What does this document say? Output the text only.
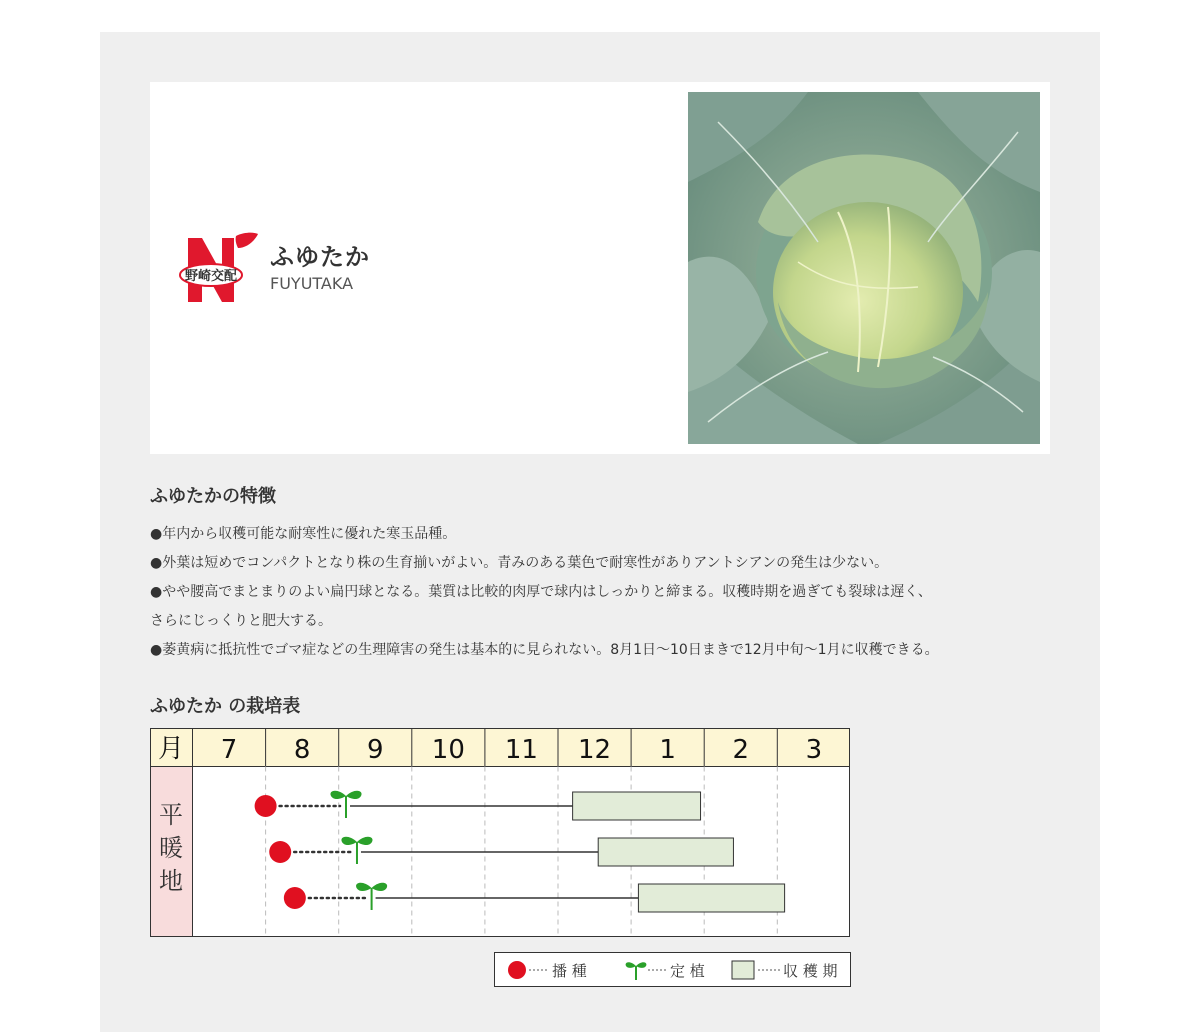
野崎交配
ふゆたか
FUYUTAKA
ふゆたかの特徴

●年内から収穫可能な耐寒性に優れた寒玉品種。

●外葉は短めでコンパクトとなり株の生育揃いがよい。青みのある葉色で耐寒性がありアントシアンの発生は少ない。

●やや腰高でまとまりのよい扁円球となる。葉質は比較的肉厚で球内はしっかりと締まる。収穫時期を過ぎても裂球は遅く、

さらにじっくりと肥大する。

●萎黄病に抵抗性でゴマ症などの生理障害の発生は基本的に見られない。8月1日〜10日まきで12月中旬〜1月に収穫できる。

ふゆたか の栽培表
月
平
暖
地
7 8 9 10 11 12 1 2 3
播 種	定 植	収 穫 期
